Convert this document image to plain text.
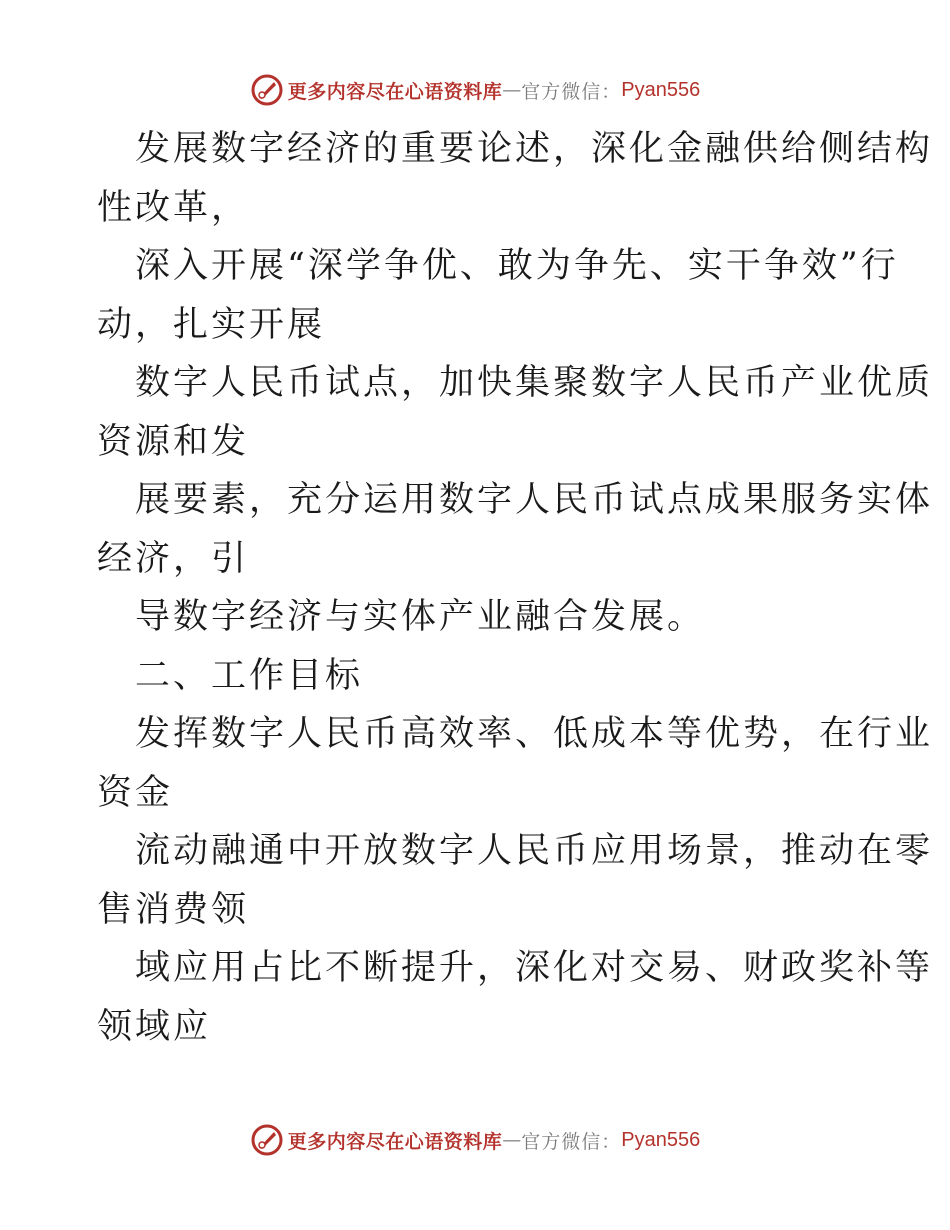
更多内容尽在心语资料库 — 官方微信： Pyan556
发展数字经济的重要论述，深化金融供给侧结构
性改革，
深入开展“深学争优、敢为争先、实干争效”行
动，扎实开展
数字人民币试点，加快集聚数字人民币产业优质
资源和发
展要素，充分运用数字人民币试点成果服务实体
经济，引
导数字经济与实体产业融合发展。
二、工作目标
发挥数字人民币高效率、低成本等优势，在行业
资金
流动融通中开放数字人民币应用场景，推动在零
售消费领
域应用占比不断提升，深化对交易、财政奖补等
领域应
更多内容尽在心语资料库 — 官方微信： Pyan556
